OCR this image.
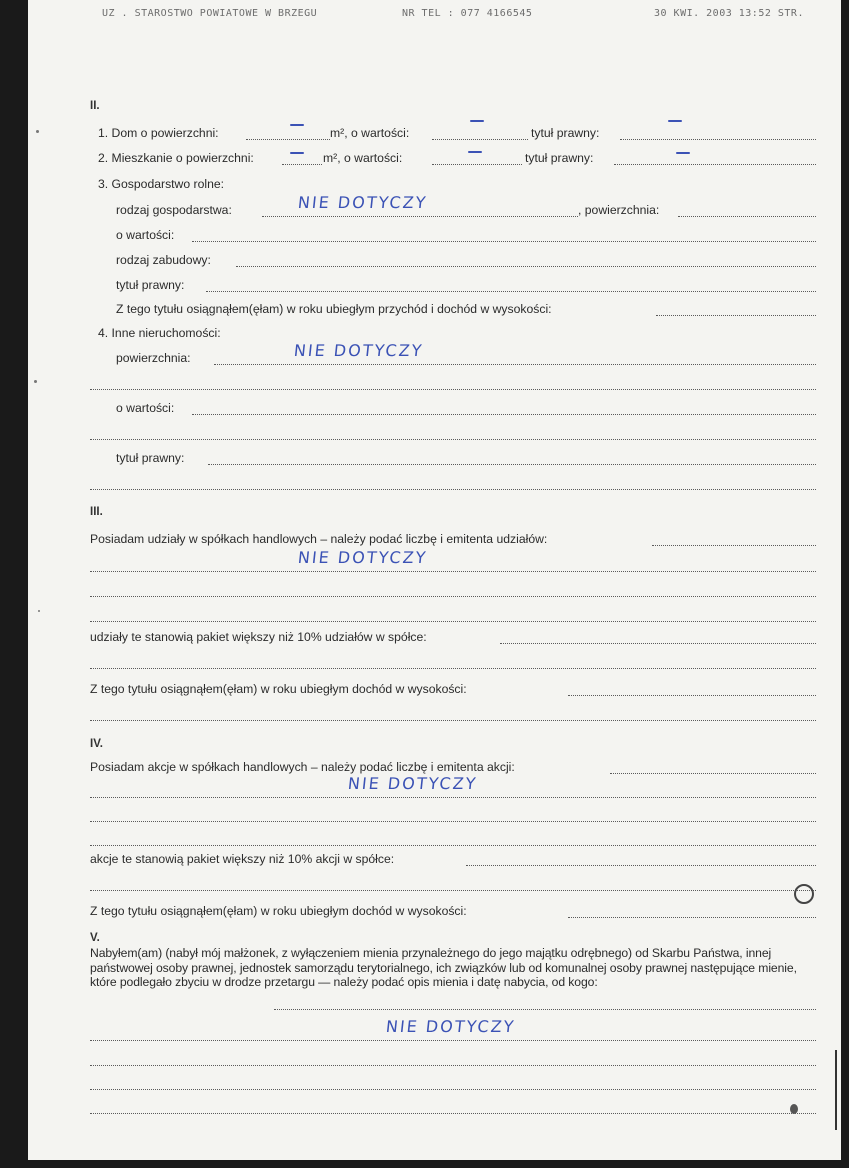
UZ . STAROSTWO POWIATOWE W BRZEGU	NR TEL : 077 4166545	30 KWI. 2003 13:52 STR.
II.
1. Dom o powierzchni:	m², o wartości:	tytuł prawny:
2. Mieszkanie o powierzchni:	m², o wartości:	tytuł prawny:
3. Gospodarstwo rolne:
rodzaj gospodarstwa:	, powierzchnia:
NIE DOTYCZY
o wartości:
rodzaj zabudowy:
tytuł prawny:
Z tego tytułu osiągnąłem(ęłam) w roku ubiegłym przychód i dochód w wysokości:
4. Inne nieruchomości:
powierzchnia:	NIE DOTYCZY
o wartości:
tytuł prawny:
III.
Posiadam udziały w spółkach handlowych – należy podać liczbę i emitenta udziałów:
NIE DOTYCZY
udziały te stanowią pakiet większy niż 10% udziałów w spółce:
Z tego tytułu osiągnąłem(ęłam) w roku ubiegłym dochód w wysokości:
IV.
Posiadam akcje w spółkach handlowych – należy podać liczbę i emitenta akcji:
NIE DOTYCZY
akcje te stanowią pakiet większy niż 10% akcji w spółce:
Z tego tytułu osiągnąłem(ęłam) w roku ubiegłym dochód w wysokości:
V.
Nabyłem(am) (nabył mój małżonek, z wyłączeniem mienia przynależnego do jego majątku odrębnego) od Skarbu Państwa, innej państwowej osoby prawnej, jednostek samorządu terytorialnego, ich związków lub od komunalnej osoby prawnej następujące mienie, które podlegało zbyciu w drodze przetargu — należy podać opis mienia i datę nabycia, od kogo:
NIE DOTYCZY
